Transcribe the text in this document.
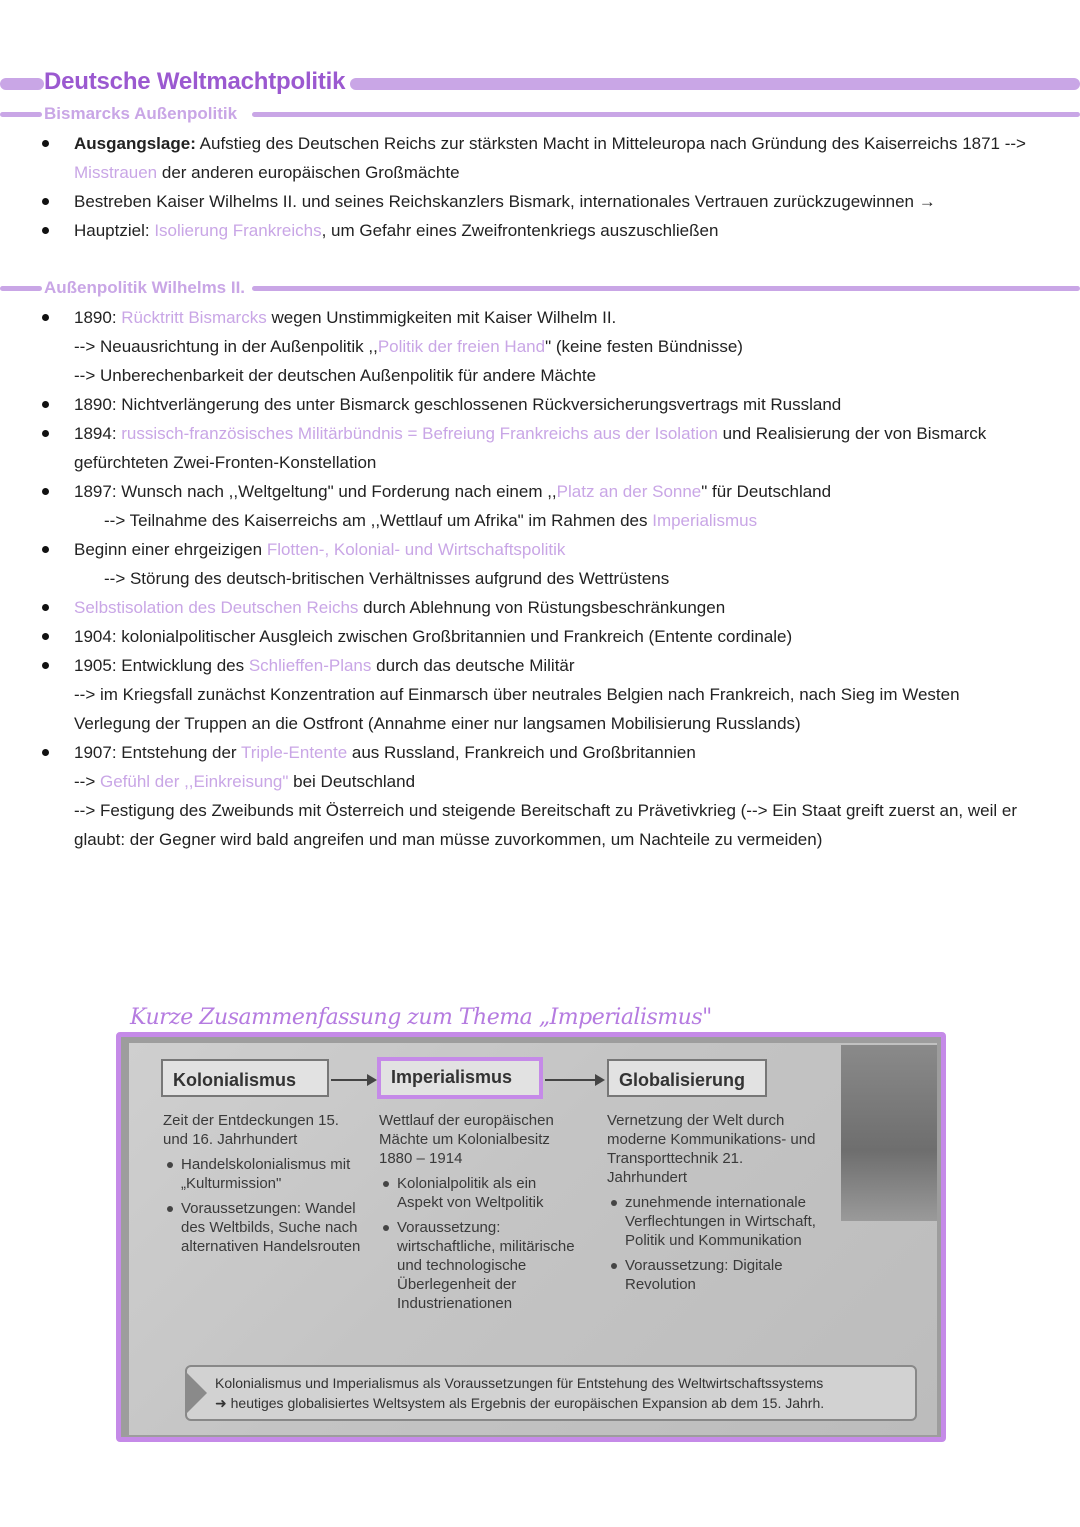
Deutsche Weltmachtpolitik
Bismarcks Außenpolitik
Ausgangslage: Aufstieg des Deutschen Reichs zur stärksten Macht in Mitteleuropa nach Gründung des Kaiserreichs 1871 --> Misstrauen der anderen europäischen Großmächte
Bestreben Kaiser Wilhelms II. und seines Reichskanzlers Bismark, internationales Vertrauen zurückzugewinnen →
Hauptziel: Isolierung Frankreichs, um Gefahr eines Zweifrontenkriegs auszuschließen
Außenpolitik Wilhelms II.
1890: Rücktritt Bismarcks wegen Unstimmigkeiten mit Kaiser Wilhelm II.
--> Neuausrichtung in der Außenpolitik ,,Politik der freien Hand" (keine festen Bündnisse)
--> Unberechenbarkeit der deutschen Außenpolitik für andere Mächte
1890: Nichtverlängerung des unter Bismarck geschlossenen Rückversicherungsvertrags mit Russland
1894: russisch-französisches Militärbündnis = Befreiung Frankreichs aus der Isolation und Realisierung der von Bismarck gefürchteten Zwei-Fronten-Konstellation
1897: Wunsch nach ,,Weltgeltung" und Forderung nach einem ,,Platz an der Sonne" für Deutschland
--> Teilnahme des Kaiserreichs am ,,Wettlauf um Afrika" im Rahmen des Imperialismus
Beginn einer ehrgeizigen Flotten-, Kolonial- und Wirtschaftspolitik
--> Störung des deutsch-britischen Verhältnisses aufgrund des Wettrüstens
Selbstisolation des Deutschen Reichs durch Ablehnung von Rüstungsbeschränkungen
1904: kolonialpolitischer Ausgleich zwischen Großbritannien und Frankreich (Entente cordinale)
1905: Entwicklung des Schlieffen-Plans durch das deutsche Militär
--> im Kriegsfall zunächst Konzentration auf Einmarsch über neutrales Belgien nach Frankreich, nach Sieg im Westen Verlegung der Truppen an die Ostfront (Annahme einer nur langsamen Mobilisierung Russlands)
1907: Entstehung der Triple-Entente aus Russland, Frankreich und Großbritannien
--> Gefühl der ,,Einkreisung" bei Deutschland
--> Festigung des Zweibunds mit Österreich und steigende Bereitschaft zu Prävetivkrieg (--> Ein Staat greift zuerst an, weil er glaubt: der Gegner wird bald angreifen und man müsse zuvorkommen, um Nachteile zu vermeiden)
Kurze Zusammenfassung zum Thema „Imperialismus"
Kolonialismus	Imperialismus	Globalisierung
Zeit der Entdeckungen 15. und 16. Jahrhundert
Handelskolonialismus mit „Kulturmission"
Voraussetzungen: Wandel des Weltbilds, Suche nach alternativen Handelsrouten
Wettlauf der europäischen Mächte um Kolonialbesitz 1880 – 1914
Kolonialpolitik als ein Aspekt von Weltpolitik
Voraussetzung: wirtschaftliche, militärische und technologische Überlegenheit der Industrienationen
Vernetzung der Welt durch moderne Kommunikations- und Transporttechnik 21. Jahrhundert
zunehmende internationale Verflechtungen in Wirtschaft, Politik und Kommunikation
Voraussetzung: Digitale Revolution
Kolonialismus und Imperialismus als Voraussetzungen für Entstehung des Weltwirtschaftssystems
➜ heutiges globalisiertes Weltsystem als Ergebnis der europäischen Expansion ab dem 15. Jahrh.
